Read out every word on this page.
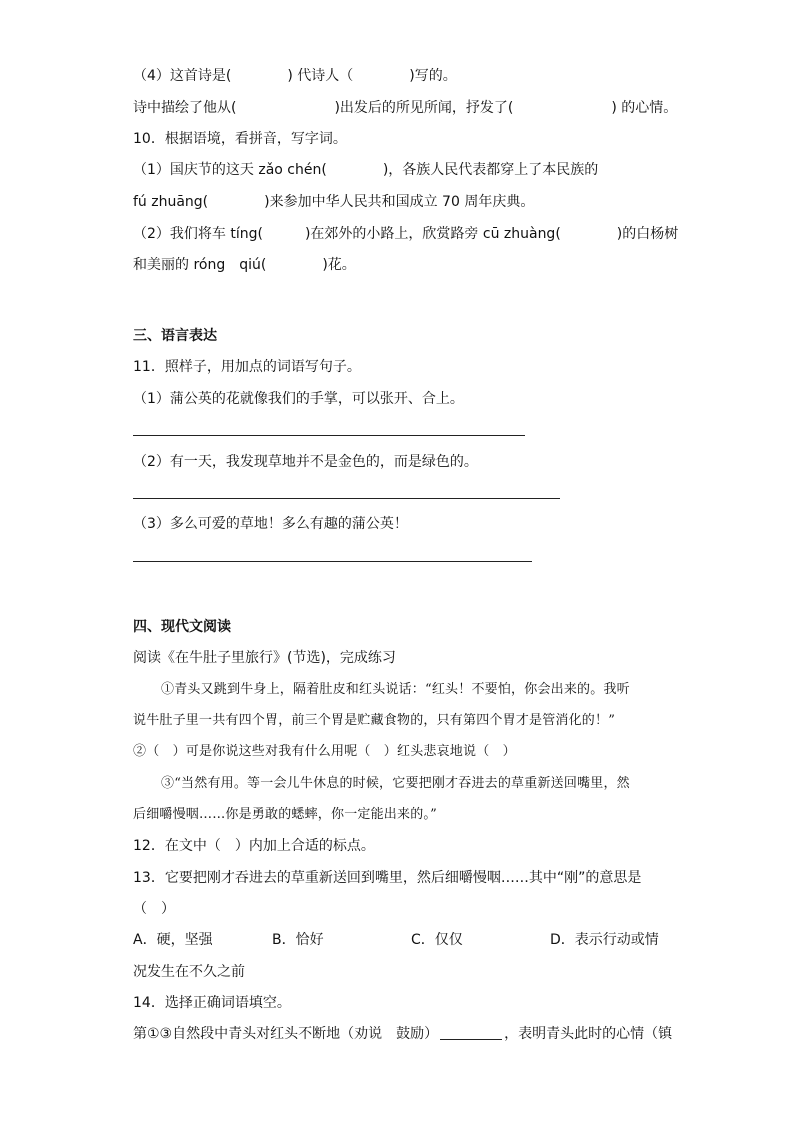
（4）这首诗是(　　　　) 代诗人（　　　　)写的。
诗中描绘了他从(　　　　　　　)出发后的所见所闻，抒发了(　　　　　　　) 的心情。
10．根据语境，看拼音，写字词。
（1）国庆节的这天 zǎo chén(　　　　)，各族人民代表都穿上了本民族的
fú zhuāng(　　　　)来参加中华人民共和国成立 70 周年庆典。
（2）我们将车 tíng(　　　)在郊外的小路上，欣赏路旁 cū zhuàng(　　　　)的白杨树
和美丽的 róng　qiú(　　　　)花。
三、语言表达
11．照样子，用加点的词语写句子。
（1）蒲公英的花就像我们的手掌，可以张开、合上。
（2）有一天，我发现草地并不是金色的，而是绿色的。
（3）多么可爱的草地！多么有趣的蒲公英！
四、现代文阅读
阅读《在牛肚子里旅行》(节选)，完成练习
①青头又跳到牛身上，隔着肚皮和红头说话：“红头！不要怕，你会出来的。我听
说牛肚子里一共有四个胃，前三个胃是贮藏食物的，只有第四个胃才是管消化的！”
②（　）可是你说这些对我有什么用呢（　）红头悲哀地说（　）
③“当然有用。等一会儿牛休息的时候，它要把刚才吞进去的草重新送回嘴里，然
后细嚼慢咽……你是勇敢的蟋蟀，你一定能出来的。”
12．在文中（　）内加上合适的标点。
13．它要把刚才吞进去的草重新送回到嘴里，然后细嚼慢咽……其中“刚”的意思是
（　）
A．硬，坚强	B．恰好	C．仅仅	D．表示行动或情
况发生在不久之前
14．选择正确词语填空。
第①③自然段中青头对红头不断地（劝说　鼓励）	，表明青头此时的心情（镇
